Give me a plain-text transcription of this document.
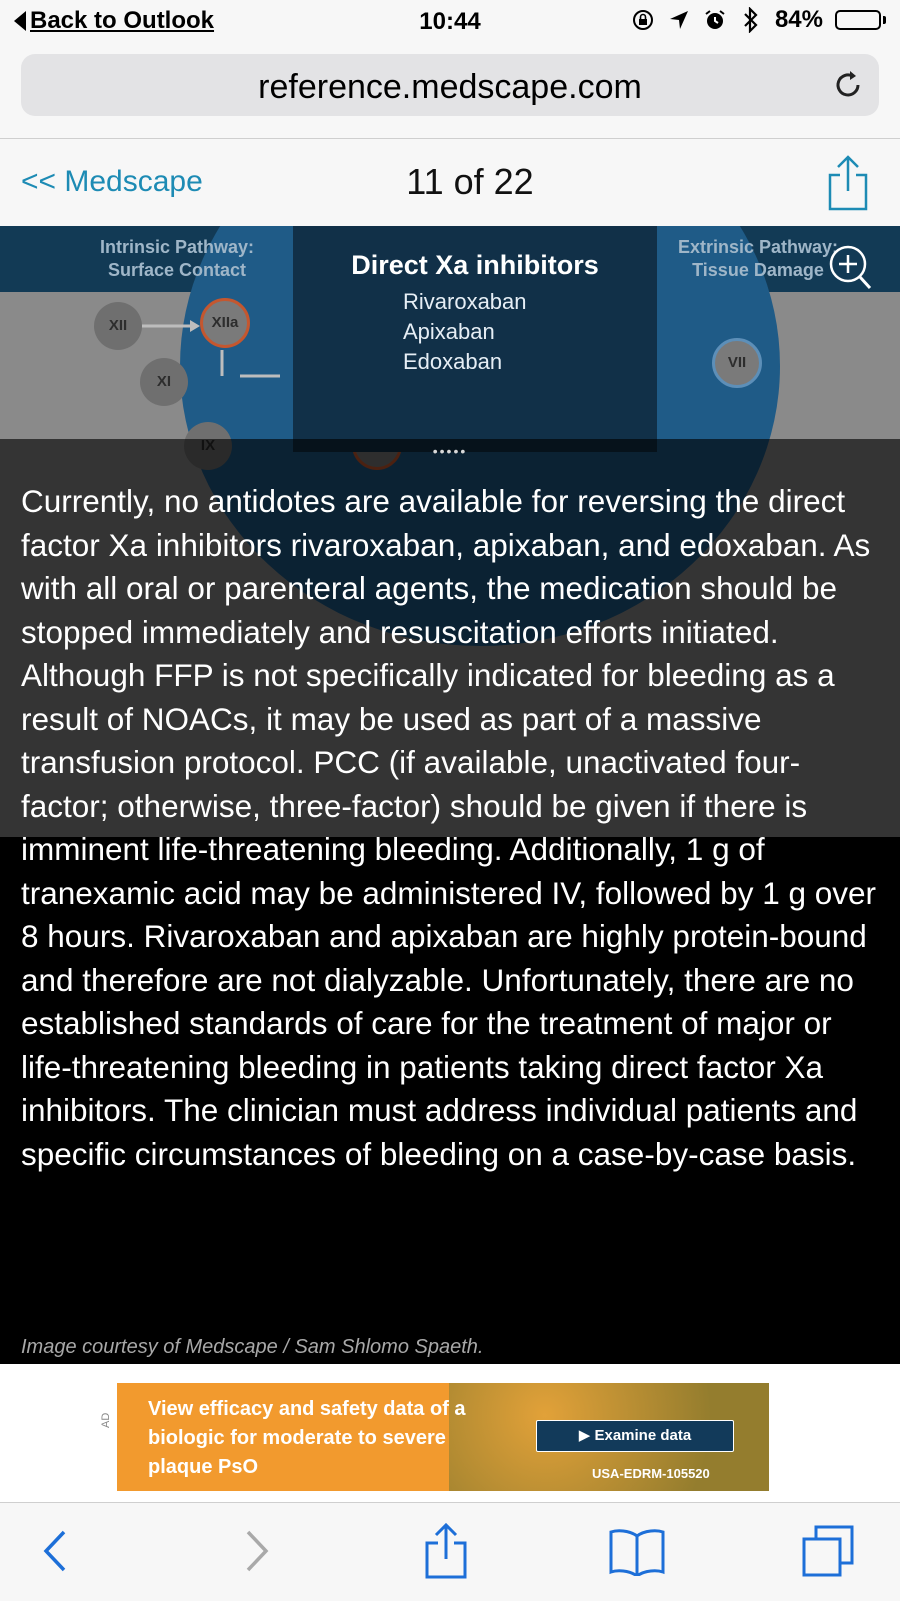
Back to Outlook	10:44	84%
reference.medscape.com
<< Medscape	11 of 22
Intrinsic Pathway:
Surface Contact
Extrinsic Pathway:
Tissue Damage
XII	XIIa
XI
VII
Direct Xa inhibitors
Rivaroxaban
Apixaban
Edoxaban
•••••
Currently, no antidotes are available for reversing the direct factor Xa inhibitors rivaroxaban, apixaban, and edoxaban. As with all oral or parenteral agents, the medication should be stopped immediately and resuscitation efforts initiated. Although FFP is not specifically indicated for bleeding as a result of NOACs, it may be used as part of a massive transfusion protocol. PCC (if available, unactivated four-factor; otherwise, three-factor) should be given if there is imminent life-threatening bleeding. Additionally, 1 g of tranexamic acid may be administered IV, followed by 1 g over 8 hours. Rivaroxaban and apixaban are highly protein-bound and therefore are not dialyzable. Unfortunately, there are no established standards of care for the treatment of major or life-threatening bleeding in patients taking direct factor Xa inhibitors. The clinician must address individual patients and specific circumstances of bleeding on a case-by-case basis.
Image courtesy of Medscape / Sam Shlomo Spaeth.
AD
View efficacy and safety data of a biologic for moderate to severe plaque PsO
▶ Examine data
USA-EDRM-105520
